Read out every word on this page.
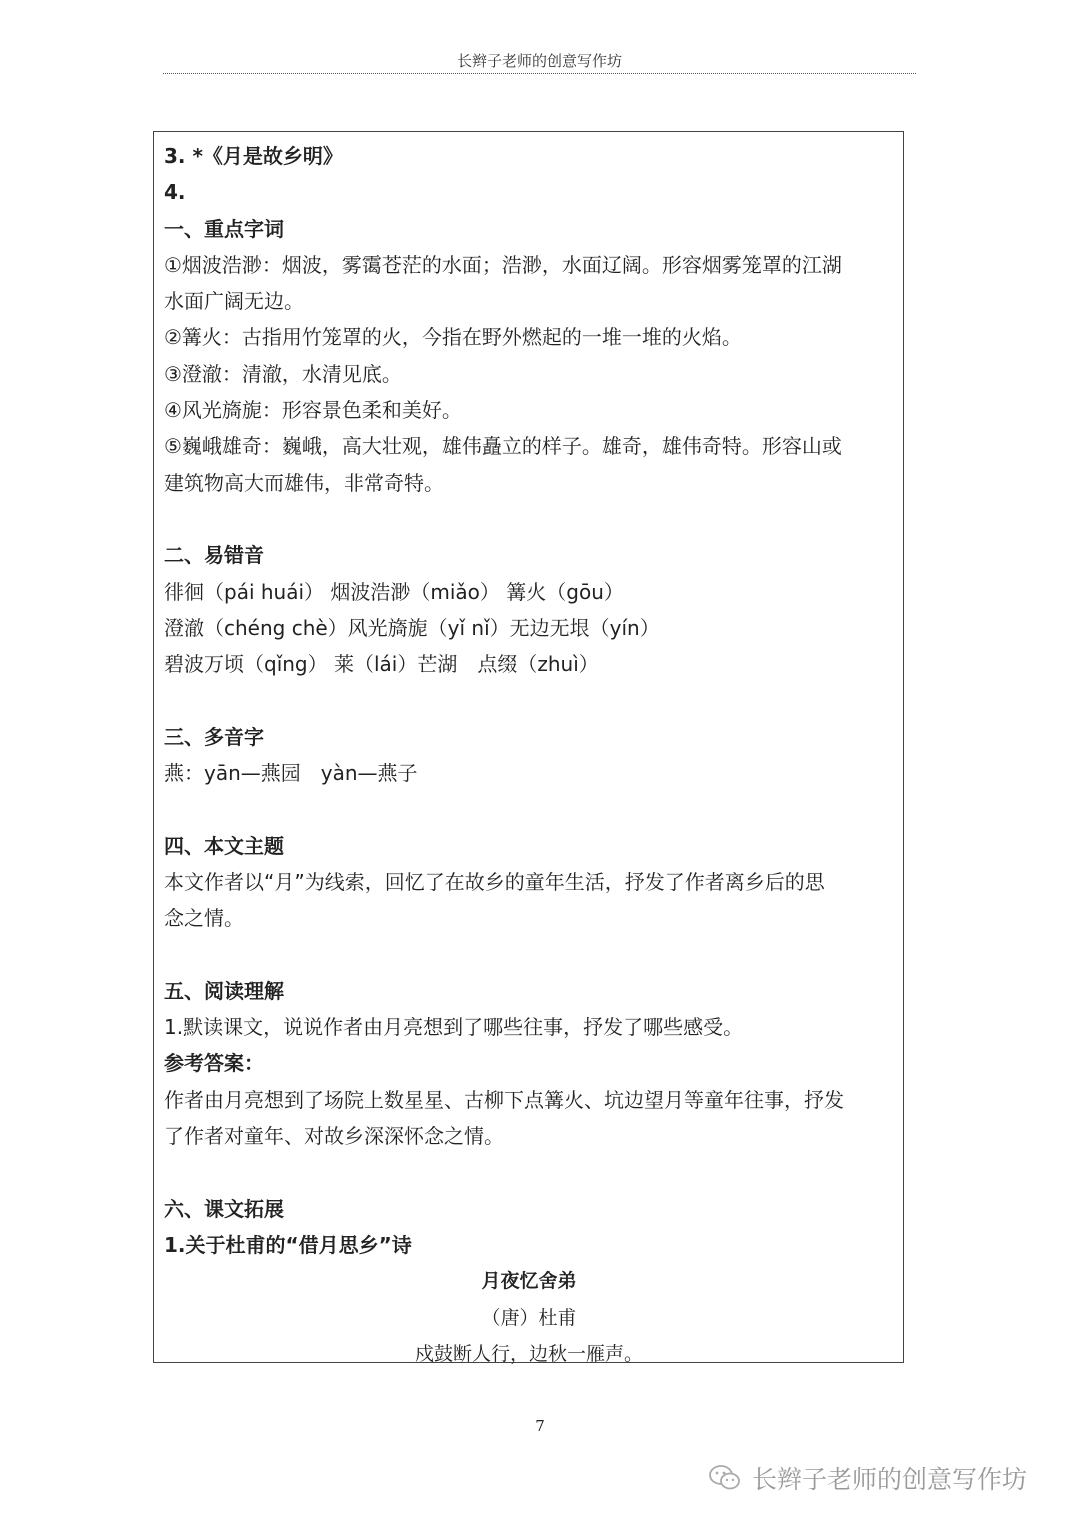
长辫子老师的创意写作坊
3. *《月是故乡明》
4.
一、重点字词
①烟波浩渺：烟波，雾霭苍茫的水面；浩渺，水面辽阔。形容烟雾笼罩的江湖
水面广阔无边。
②篝火：古指用竹笼罩的火，今指在野外燃起的一堆一堆的火焰。
③澄澈：清澈，水清见底。
④风光旖旎：形容景色柔和美好。
⑤巍峨雄奇：巍峨，高大壮观，雄伟矗立的样子。雄奇，雄伟奇特。形容山或
建筑物高大而雄伟，非常奇特。
二、易错音
徘徊（pái huái） 烟波浩渺（miǎo） 篝火（gōu）
澄澈（chéng chè）风光旖旎（yǐ nǐ）无边无垠（yín）
碧波万顷（qǐng） 莱（lái）芒湖　点缀（zhuì）
三、多音字
燕：yān—燕园　yàn—燕子
四、本文主题
本文作者以“月”为线索，回忆了在故乡的童年生活，抒发了作者离乡后的思
念之情。
五、阅读理解
1.默读课文，说说作者由月亮想到了哪些往事，抒发了哪些感受。
参考答案：
作者由月亮想到了场院上数星星、古柳下点篝火、坑边望月等童年往事，抒发
了作者对童年、对故乡深深怀念之情。
六、课文拓展
1.关于杜甫的“借月思乡”诗
月夜忆舍弟
（唐）杜甫
戍鼓断人行，边秋一雁声。
7
长辫子老师的创意写作坊
